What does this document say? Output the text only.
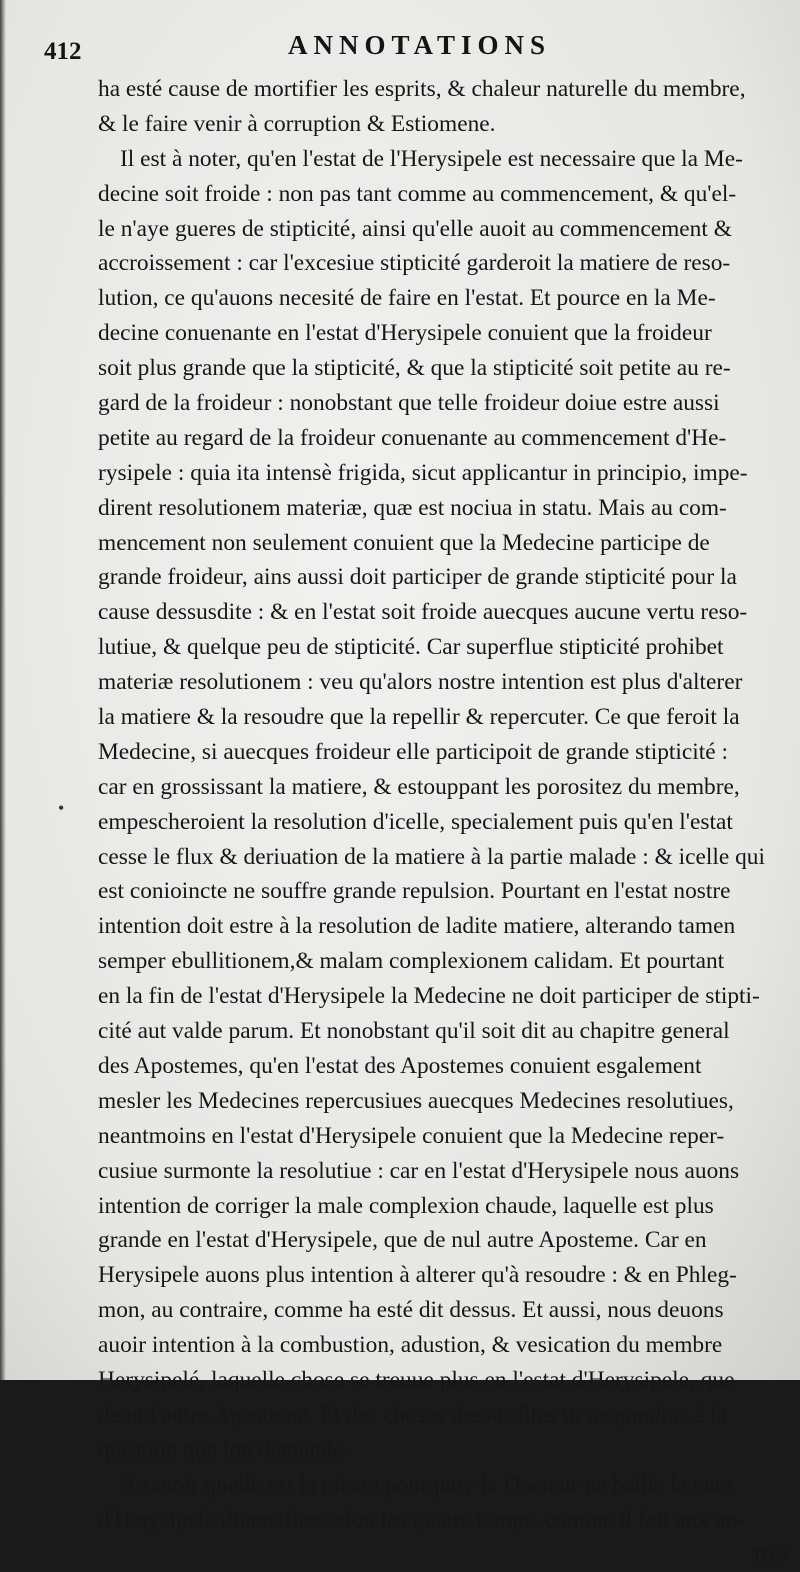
412	ANNOTATIONS
•
ha esté cause de mortifier les esprits, & chaleur naturelle du membre,
& le faire venir à corruption & Estiomene.
Il est à noter, qu'en l'estat de l'Herysipele est necessaire que la Me-
decine soit froide : non pas tant comme au commencement, & qu'el-
le n'aye gueres de stipticité, ainsi qu'elle auoit au commencement &
accroissement : car l'excesiue stipticité garderoit la matiere de reso-
lution, ce qu'auons necesité de faire en l'estat. Et pource en la Me-
decine conuenante en l'estat d'Herysipele conuient que la froideur
soit plus grande que la stipticité, & que la stipticité soit petite au re-
gard de la froideur : nonobstant que telle froideur doiue estre aussi
petite au regard de la froideur conuenante au commencement d'He-
rysipele : quia ita intensè frigida, sicut applicantur in principio, impe-
dirent resolutionem materiæ, quæ est nociua in statu. Mais au com-
mencement non seulement conuient que la Medecine participe de
grande froideur, ains aussi doit participer de grande stipticité pour la
cause dessusdite : & en l'estat soit froide auecques aucune vertu reso-
lutiue, & quelque peu de stipticité. Car superflue stipticité prohibet
materiæ resolutionem : veu qu'alors nostre intention est plus d'alterer
la matiere & la resoudre que la repellir & repercuter. Ce que feroit la
Medecine, si auecques froideur elle participoit de grande stipticité :
car en grossissant la matiere, & estouppant les porositez du membre,
empescheroient la resolution d'icelle, specialement puis qu'en l'estat
cesse le flux & deriuation de la matiere à la partie malade : & icelle qui
est conioincte ne souffre grande repulsion. Pourtant en l'estat nostre
intention doit estre à la resolution de ladite matiere, alterando tamen
semper ebullitionem,& malam complexionem calidam. Et pourtant
en la fin de l'estat d'Herysipele la Medecine ne doit participer de stipti-
cité aut valde parum. Et nonobstant qu'il soit dit au chapitre general
des Apostemes, qu'en l'estat des Apostemes conuient esgalement
mesler les Medecines repercusiues auecques Medecines resolutiues,
neantmoins en l'estat d'Herysipele conuient que la Medecine reper-
cusiue surmonte la resolutiue : car en l'estat d'Herysipele nous auons
intention de corriger la male complexion chaude, laquelle est plus
grande en l'estat d'Herysipele, que de nul autre Aposteme. Car en
Herysipele auons plus intention à alterer qu'à resoudre : & en Phleg-
mon, au contraire, comme ha esté dit dessus. Et aussi, nous deuons
auoir intention à la combustion, adustion, & vesication du membre
Herysipelé, laquelle chose se treuue plus en l'estat d'Herysipele, que
de nul autre Aposteme. Et des choses dessusdites tu respondras à la
question que lon demande.
A sauoir quelle est la raison pourquoy le Docteur ne baille la cure
d'Herysipele diuersifiee selon les quatre temps, comme il fait aux au-
tres
